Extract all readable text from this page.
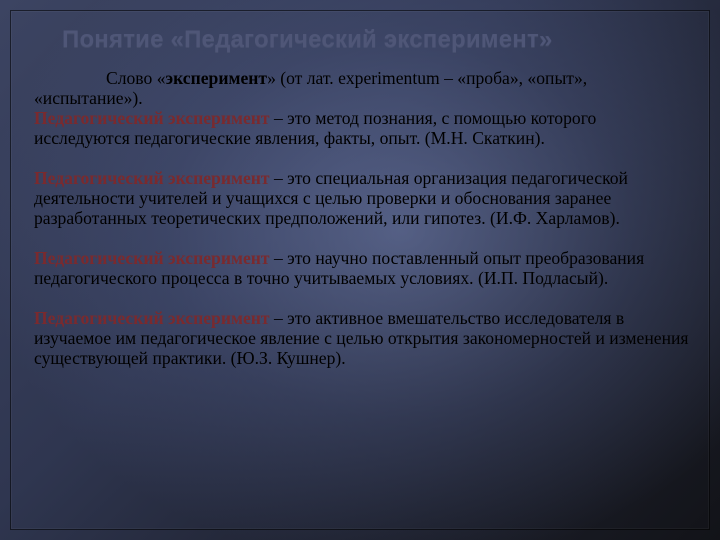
Понятие «Педагогический эксперимент»

Слово «эксперимент» (от лат. experimentum – «проба», «опыт», «испытание»).

Педагогический эксперимент – это метод познания, с помощью которого исследуются педагогические явления, факты, опыт. (М.Н. Скаткин).

Педагогический эксперимент – это специальная организация педагогической деятельности учителей и учащихся с целью проверки и обоснования заранее разработанных теоретических предположений, или гипотез. (И.Ф. Харламов).

Педагогический эксперимент – это научно поставленный опыт преобразования педагогического процесса в точно учитываемых условиях. (И.П. Подласый).

Педагогический эксперимент – это активное вмешательство исследователя в изучаемое им педагогическое явление с целью открытия закономерностей и изменения существующей практики. (Ю.З. Кушнер).
